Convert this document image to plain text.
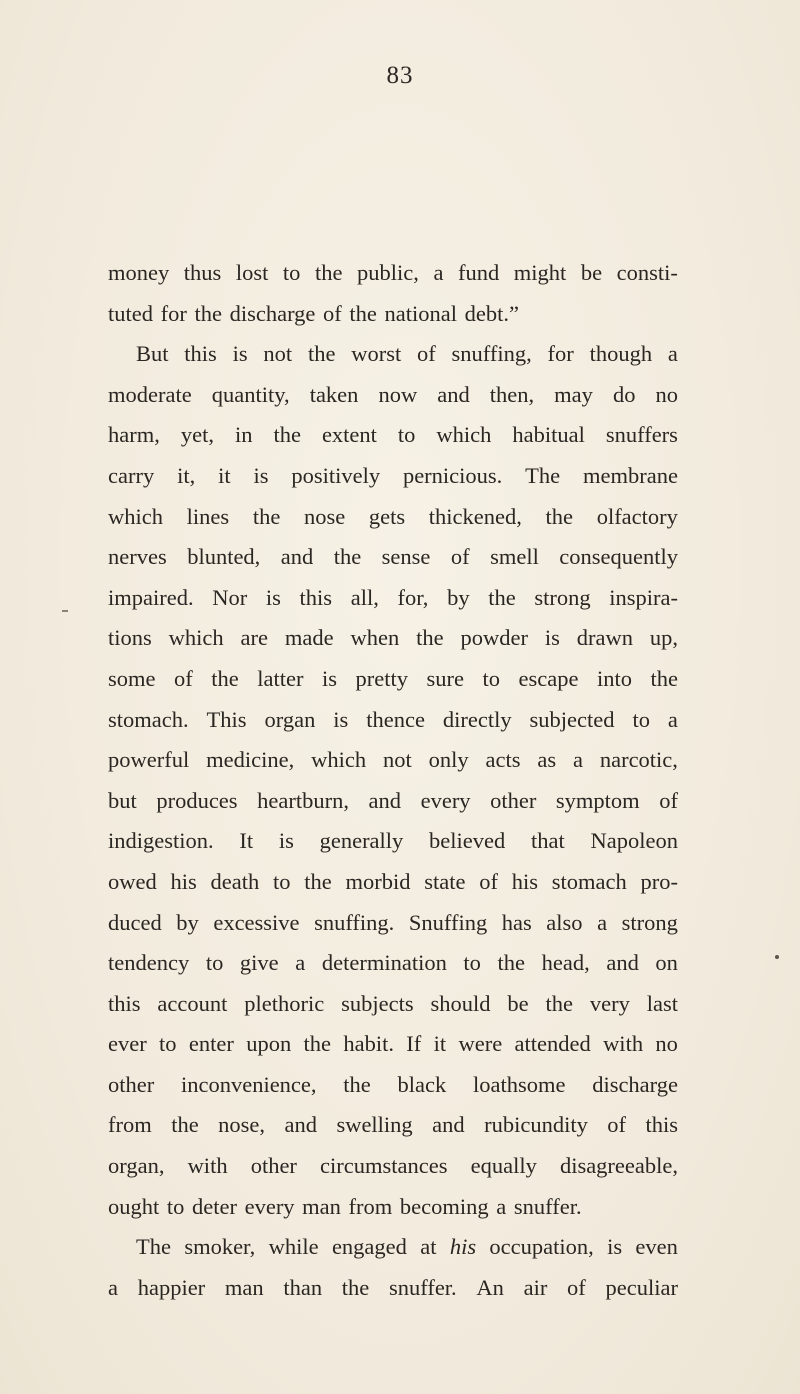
83
money thus lost to the public, a fund might be consti-
tuted for the discharge of the national debt.”
But this is not the worst of snuffing, for though a
moderate quantity, taken now and then, may do no
harm, yet, in the extent to which habitual snuffers
carry it, it is positively pernicious. The membrane
which lines the nose gets thickened, the olfactory
nerves blunted, and the sense of smell consequently
impaired. Nor is this all, for, by the strong inspira-
tions which are made when the powder is drawn up,
some of the latter is pretty sure to escape into the
stomach. This organ is thence directly subjected to a
powerful medicine, which not only acts as a narcotic,
but produces heartburn, and every other symptom of
indigestion. It is generally believed that Napoleon
owed his death to the morbid state of his stomach pro-
duced by excessive snuffing. Snuffing has also a strong
tendency to give a determination to the head, and on
this account plethoric subjects should be the very last
ever to enter upon the habit. If it were attended with no
other inconvenience, the black loathsome discharge
from the nose, and swelling and rubicundity of this
organ, with other circumstances equally disagreeable,
ought to deter every man from becoming a snuffer.
The smoker, while engaged at his occupation, is even
a happier man than the snuffer. An air of peculiar
